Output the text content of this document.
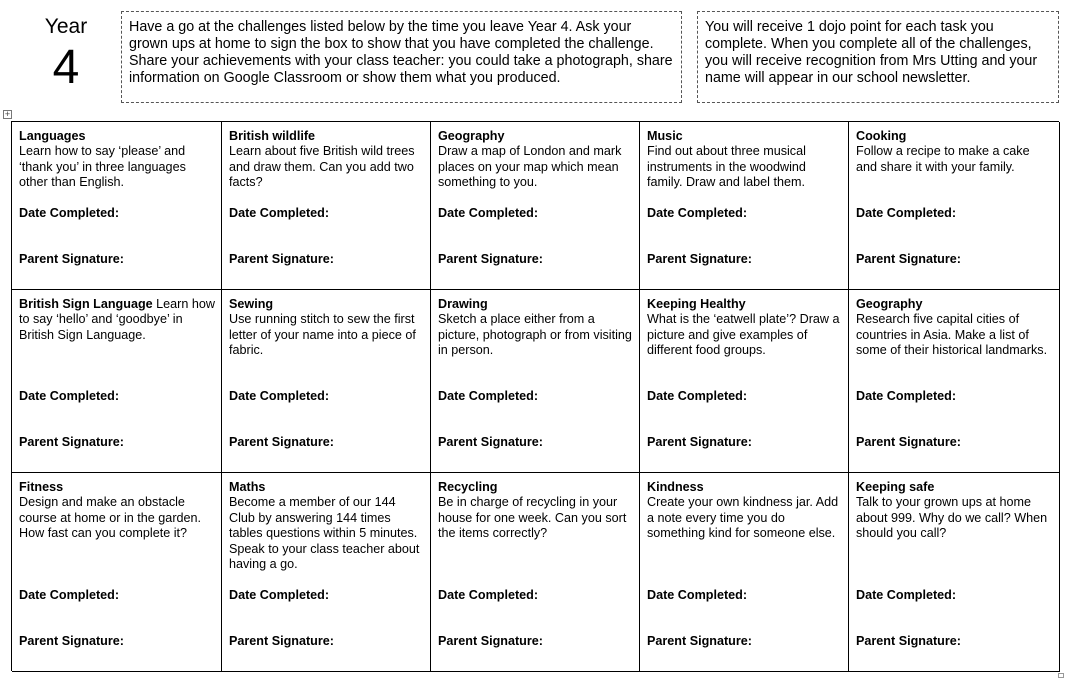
Year
4
Have a go at the challenges listed below by the time you leave Year 4. Ask your grown ups at home to sign the box to show that you have completed the challenge. Share your achievements with your class teacher: you could take a photograph, share information on Google Classroom or show them what you produced.
You will receive 1 dojo point for each task you complete. When you complete all of the challenges, you will receive recognition from Mrs Utting and your name will appear in our school newsletter.
+
Languages
Learn how to say ‘please’ and ‘thank you’ in three languages other than English.
Date Completed:
Parent Signature:
British wildlife
Learn about five British wild trees and draw them. Can you add two facts?
Date Completed:
Parent Signature:
Geography
Draw a map of London and mark places on your map which mean something to you.
Date Completed:
Parent Signature:
Music
Find out about three musical instruments in the woodwind family. Draw and label them.
Date Completed:
Parent Signature:
Cooking
Follow a recipe to make a cake and share it with your family.
Date Completed:
Parent Signature:
British Sign Language Learn how to say ‘hello’ and ‘goodbye’ in British Sign Language.
Date Completed:
Parent Signature:
Sewing
Use running stitch to sew the first letter of your name into a piece of fabric.
Date Completed:
Parent Signature:
Drawing
Sketch a place either from a picture, photograph or from visiting in person.
Date Completed:
Parent Signature:
Keeping Healthy
What is the ‘eatwell plate’? Draw a picture and give examples of different food groups.
Date Completed:
Parent Signature:
Geography
Research five capital cities of countries in Asia. Make a list of some of their historical landmarks.
Date Completed:
Parent Signature:
Fitness
Design and make an obstacle course at home or in the garden. How fast can you complete it?
Date Completed:
Parent Signature:
Maths
Become a member of our 144 Club by answering 144 times tables questions within 5 minutes. Speak to your class teacher about having a go.
Date Completed:
Parent Signature:
Recycling
Be in charge of recycling in your house for one week. Can you sort the items correctly?
Date Completed:
Parent Signature:
Kindness
Create your own kindness jar. Add a note every time you do something kind for someone else.
Date Completed:
Parent Signature:
Keeping safe
Talk to your grown ups at home about 999. Why do we call? When should you call?
Date Completed:
Parent Signature:
